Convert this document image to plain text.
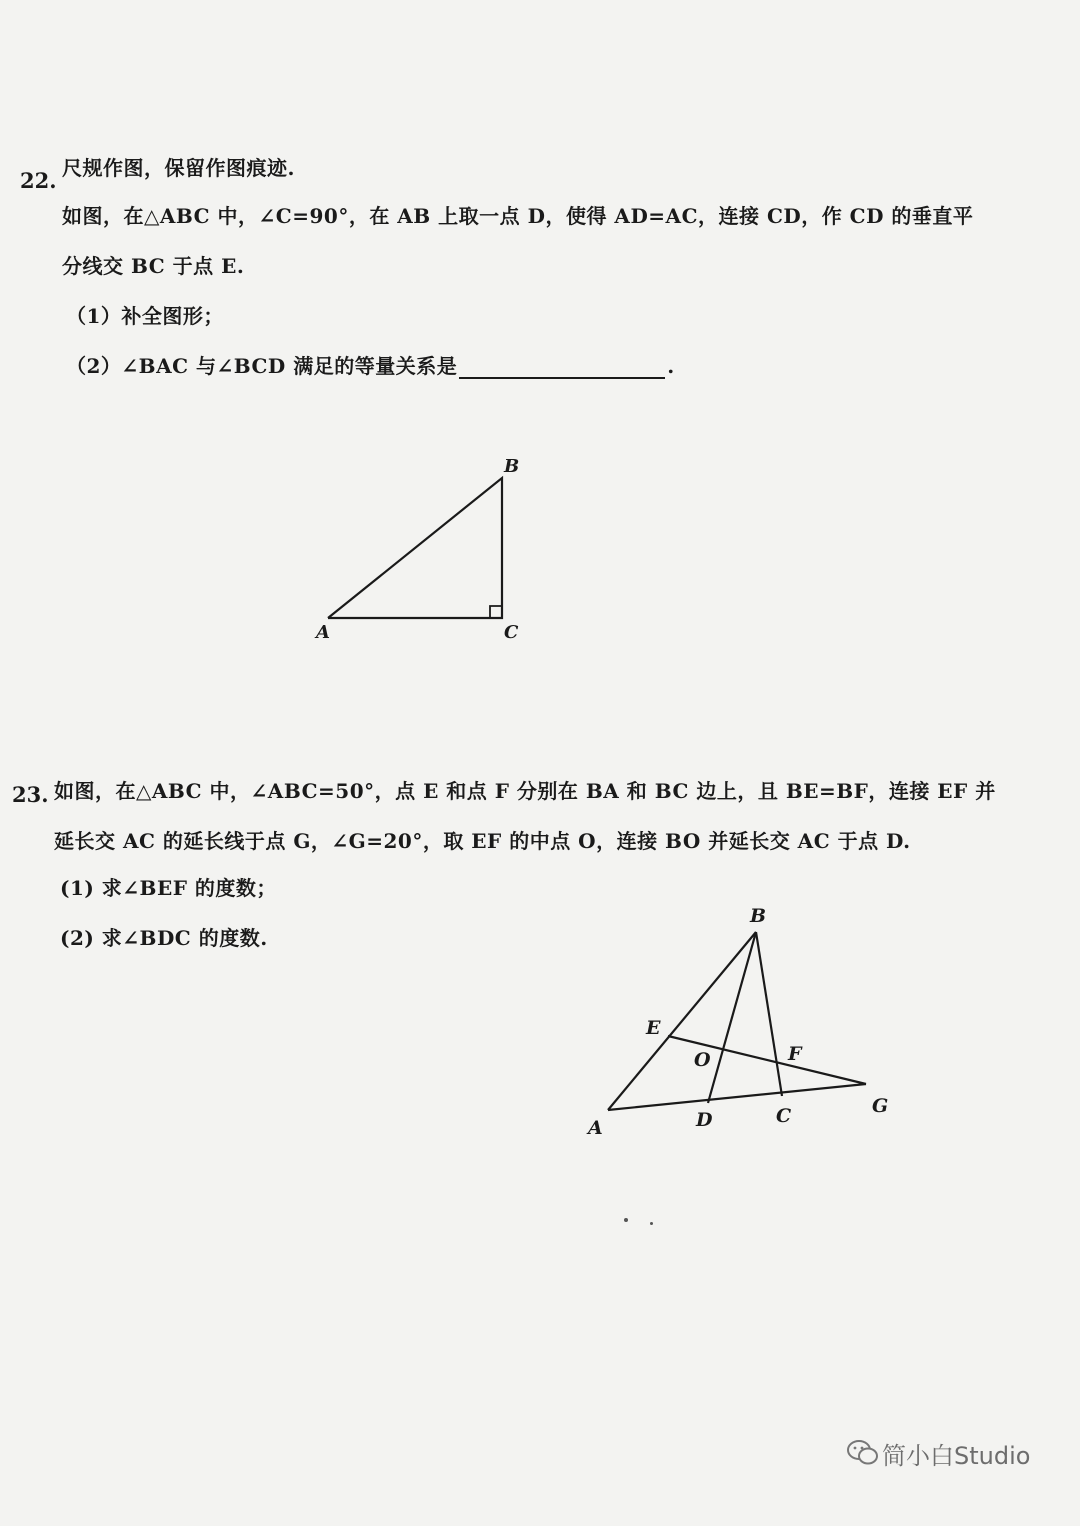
22. 尺规作图，保留作图痕迹.
如图，在△ABC 中，∠C=90°，在 AB 上取一点 D，使得 AD=AC，连接 CD，作 CD 的垂直平
分线交 BC 于点 E.
（1）补全图形；
（2）∠BAC 与∠BCD 满足的等量关系是	.
B
A	C
23. 如图，在△ABC 中，∠ABC=50°，点 E 和点 F 分别在 BA 和 BC 边上，且 BE=BF，连接 EF 并
延长交 AC 的延长线于点 G，∠G=20°，取 EF 的中点 O，连接 BO 并延长交 AC 于点 D.
(1) 求∠BEF 的度数；
(2) 求∠BDC 的度数.
B
E
O	F
G
A	D	C
简小白Studio
